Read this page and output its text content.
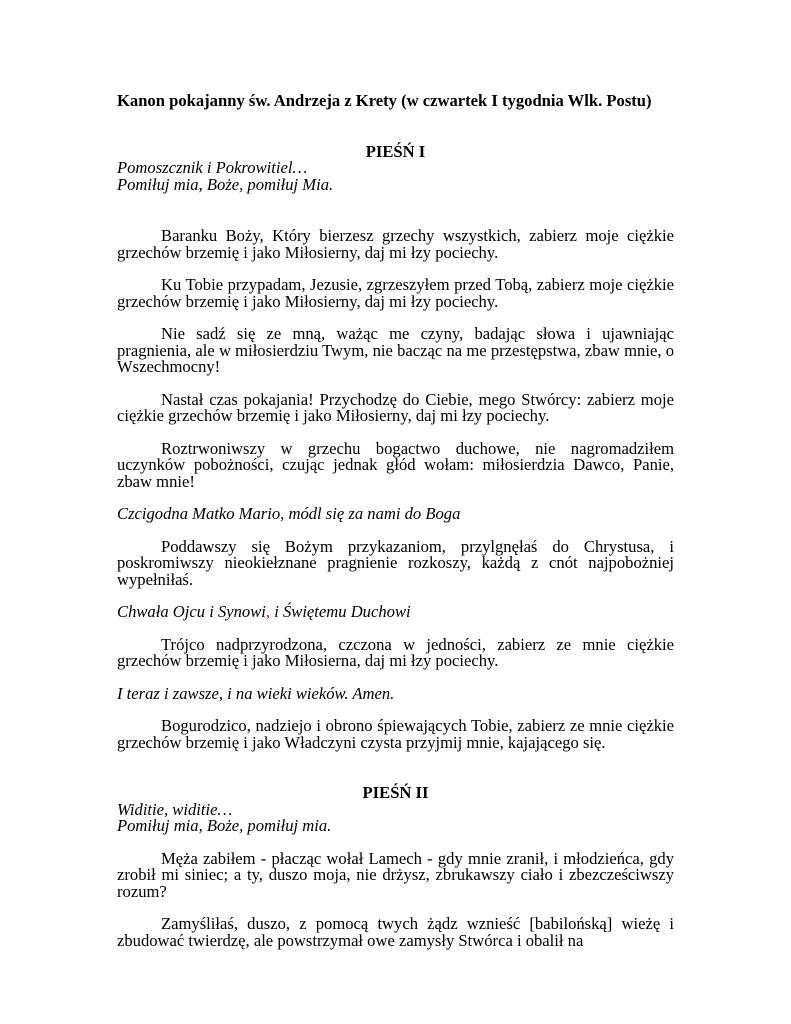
Kanon pokajanny św. Andrzeja z Krety (w czwartek I tygodnia Wlk. Postu)

PIEŚŃ I

Pomoszcznik i Pokrowitiel…

Pomiłuj mia, Boże, pomiłuj Mia.

Baranku Boży, Który bierzesz grzechy wszystkich, zabierz moje ciężkie grzechów brzemię i jako Miłosierny, daj mi łzy pociechy.

Ku Tobie przypadam, Jezusie, zgrzeszyłem przed Tobą, zabierz moje ciężkie grzechów brzemię i jako Miłosierny, daj mi łzy pociechy.

Nie sadź się ze mną, ważąc me czyny, badając słowa i ujawniając pragnienia, ale w miłosierdziu Twym, nie bacząc na me przestępstwa, zbaw mnie, o Wszechmocny!

Nastał czas pokajania! Przychodzę do Ciebie, mego Stwórcy: zabierz moje ciężkie grzechów brzemię i jako Miłosierny, daj mi łzy pociechy.

Roztrwoniwszy w grzechu bogactwo duchowe, nie nagromadziłem uczynków pobożności, czując jednak głód wołam: miłosierdzia Dawco, Panie, zbaw mnie!

Czcigodna Matko Mario, módl się za nami do Boga

Poddawszy się Bożym przykazaniom, przylgnęłaś do Chrystusa, i poskromiwszy nieokiełznane pragnienie rozkoszy, każdą z cnót najpobożniej wypełniłaś.

Chwała Ojcu i Synowi, i Świętemu Duchowi

Trójco nadprzyrodzona, czczona w jedności, zabierz ze mnie ciężkie grzechów brzemię i jako Miłosierna, daj mi łzy pociechy.

I teraz i zawsze, i na wieki wieków. Amen.

Bogurodzico, nadziejo i obrono śpiewających Tobie, zabierz ze mnie ciężkie grzechów brzemię i jako Władczyni czysta przyjmij mnie, kajającego się.

PIEŚŃ II

Widitie, widitie…

Pomiłuj mia, Boże, pomiłuj mia.

Męża zabiłem - płacząc wołał Lamech - gdy mnie zranił, i młodzieńca, gdy zrobił mi siniec; a ty, duszo moja, nie drżysz, zbrukawszy ciało i zbezcześciwszy rozum?

Zamyśliłaś, duszo, z pomocą twych żądz wznieść [babilońską] wieżę i zbudować twierdzę, ale powstrzymał owe zamysły Stwórca i obalił na
